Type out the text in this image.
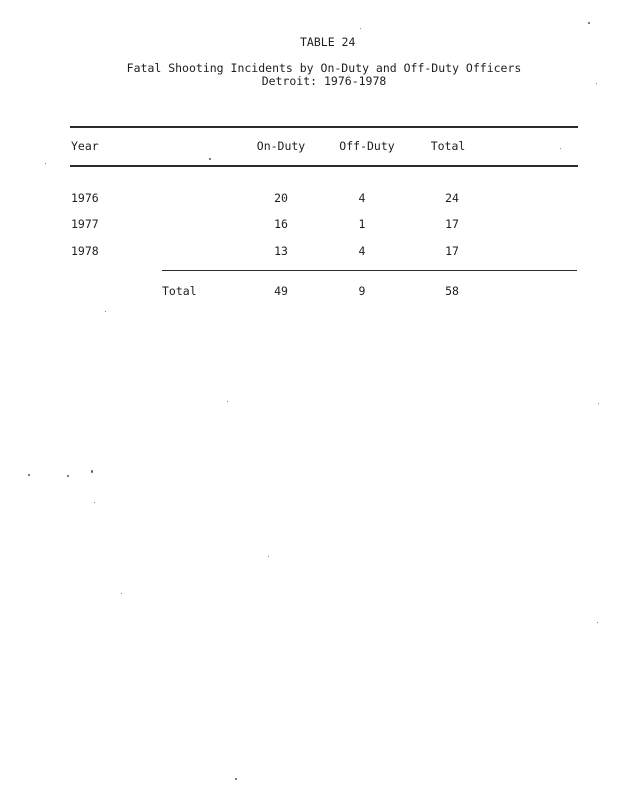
TABLE 24
Fatal Shooting Incidents by On-Duty and Off-Duty Officers
Detroit: 1976-1978
Year	On-Duty	Off-Duty	Total
1976	20	4	24
1977	16	1	17
1978	13	4	17
Total	49	9	58
